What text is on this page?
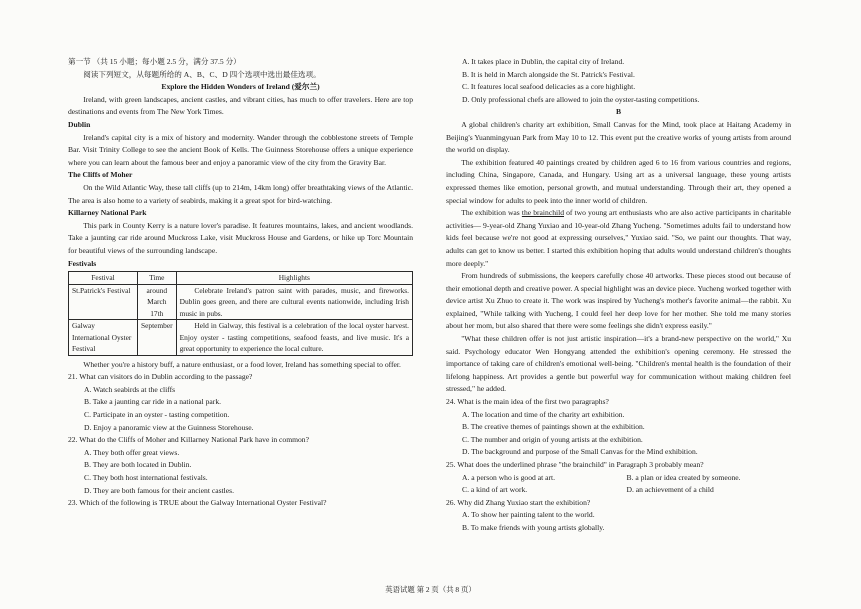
第一节 （共 15 小题；每小题 2.5 分，满分 37.5 分）

阅读下列短文，从每题所给的 A、B、C、D 四个选项中选出最佳选项。

Explore the Hidden Wonders of Ireland (爱尔兰)

Ireland, with green landscapes, ancient castles, and vibrant cities, has much to offer travelers. Here are top destinations and events from The New York Times.

Dublin

Ireland's capital city is a mix of history and modernity. Wander through the cobblestone streets of Temple Bar. Visit Trinity College to see the ancient Book of Kells. The Guinness Storehouse offers a unique experience where you can learn about the famous beer and enjoy a panoramic view of the city from the Gravity Bar.

The Cliffs of Moher

On the Wild Atlantic Way, these tall cliffs (up to 214m, 14km long) offer breathtaking views of the Atlantic. The area is also home to a variety of seabirds, making it a great spot for bird-watching.

Killarney National Park

This park in County Kerry is a nature lover's paradise. It features mountains, lakes, and ancient woodlands. Take a jaunting car ride around Muckross Lake, visit Muckross House and Gardens, or hike up Torc Mountain for beautiful views of the surrounding landscape.

Festivals

Festival	Time	Highlights
St.Patrick's Festival	around March 17th	Celebrate Ireland's patron saint with parades, music, and fireworks. Dublin goes green, and there are cultural events nationwide, including Irish music in pubs.
Galway International Oyster Festival	September	Held in Galway, this festival is a celebration of the local oyster harvest. Enjoy oyster - tasting competitions, seafood feasts, and live music. It's a great opportunity to experience the local culture.

Whether you're a history buff, a nature enthusiast, or a food lover, Ireland has something special to offer.

21. What can visitors do in Dublin according to the passage?

A. Watch seabirds at the cliffs

B. Take a jaunting car ride in a national park.

C. Participate in an oyster - tasting competition.

D. Enjoy a panoramic view at the Guinness Storehouse.

22. What do the Cliffs of Moher and Killarney National Park have in common?

A. They both offer great views.

B. They are both located in Dublin.

C. They both host international festivals.

D. They are both famous for their ancient castles.

23. Which of the following is TRUE about the Galway International Oyster Festival?

A. It takes place in Dublin, the capital city of Ireland.

B. It is held in March alongside the St. Patrick's Festival.

C. It features local seafood delicacies as a core highlight.

D. Only professional chefs are allowed to join the oyster-tasting competitions.

B

A global children's charity art exhibition, Small Canvas for the Mind, took place at Haitang Academy in Beijing's Yuanmingyuan Park from May 10 to 12. This event put the creative works of young artists from around the world on display.

The exhibition featured 40 paintings created by children aged 6 to 16 from various countries and regions, including China, Singapore, Canada, and Hungary. Using art as a universal language, these young artists expressed themes like emotion, personal growth, and mutual understanding. Through their art, they opened a special window for adults to peek into the inner world of children.

The exhibition was the brainchild of two young art enthusiasts who are also active participants in charitable activities— 9-year-old Zhang Yuxiao and 10-year-old Zhang Yucheng. "Sometimes adults fail to understand how kids feel because we're not good at expressing ourselves," Yuxiao said. "So, we paint our thoughts. That way, adults can get to know us better. I started this exhibition hoping that adults would understand children's thoughts more deeply."

From hundreds of submissions, the keepers carefully chose 40 artworks. These pieces stood out because of their emotional depth and creative power. A special highlight was an device piece. Yucheng worked together with device artist Xu Zhuo to create it. The work was inspired by Yucheng's mother's favorite animal—the rabbit. Xu explained, "While talking with Yucheng, I could feel her deep love for her mother. She told me many stories about her mom, but also shared that there were some feelings she didn't express easily."

"What these children offer is not just artistic inspiration—it's a brand-new perspective on the world," Xu said. Psychology educator Wen Hongyang attended the exhibition's opening ceremony. He stressed the importance of taking care of children's emotional well-being. "Children's mental health is the foundation of their lifelong happiness. Art provides a gentle but powerful way for communication without making children feel stressed," he added.

24. What is the main idea of the first two paragraphs?

A. The location and time of the charity art exhibition.

B. The creative themes of paintings shown at the exhibition.

C. The number and origin of young artists at the exhibition.

D. The background and purpose of the Small Canvas for the Mind exhibition.

25. What does the underlined phrase "the brainchild" in Paragraph 3 probably mean?

A. a person who is good at art.	B. a plan or idea created by someone.
C. a kind of art work.	D. an achievement of a child

26. Why did Zhang Yuxiao start the exhibition?

A. To show her painting talent to the world.

B. To make friends with young artists globally.

英语试题 第 2 页（共 8 页）
